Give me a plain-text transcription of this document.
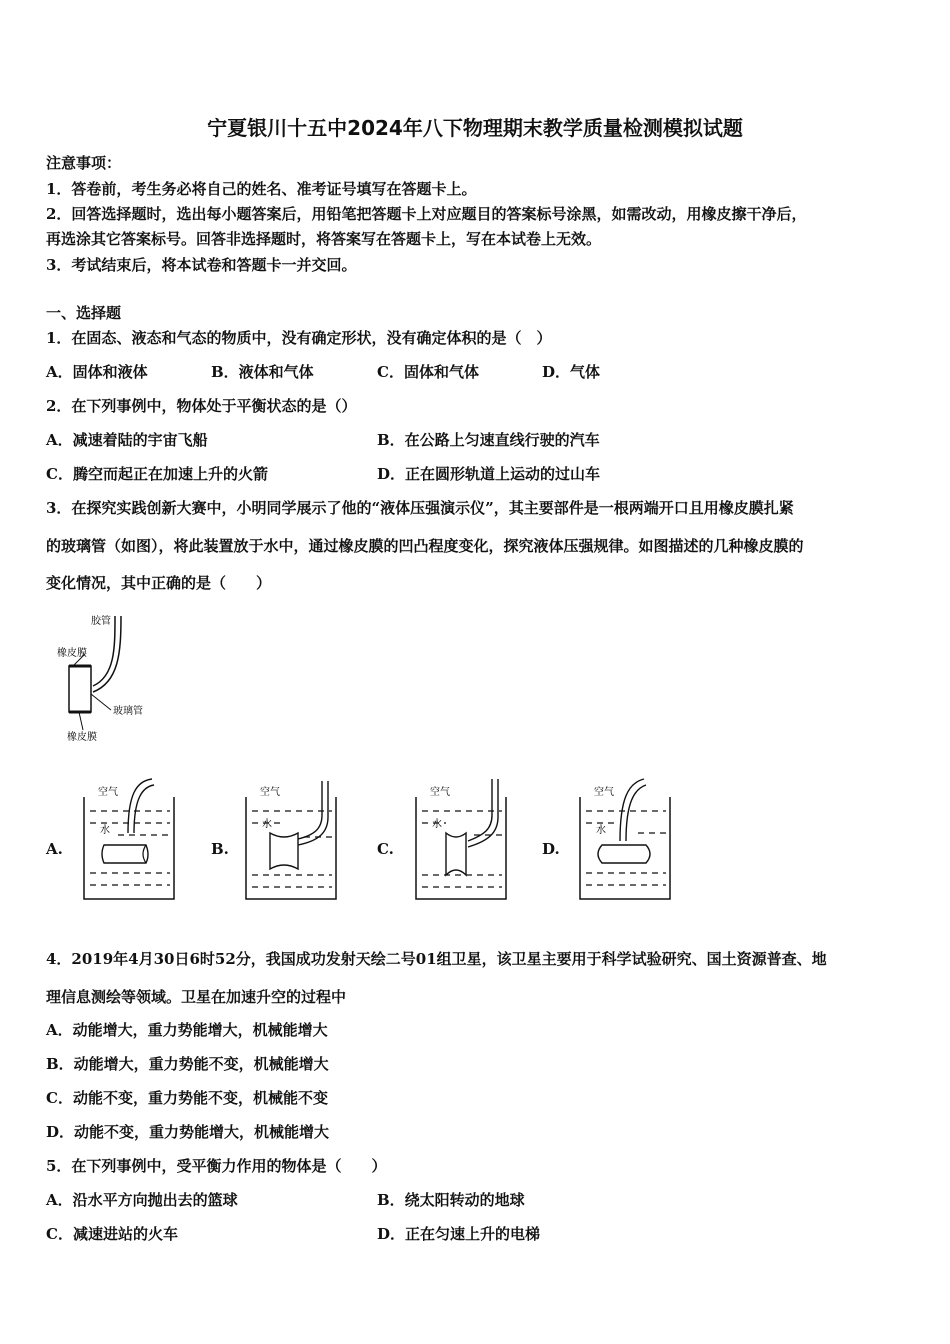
宁夏银川十五中2024年八下物理期末教学质量检测模拟试题
注意事项：
1．答卷前，考生务必将自己的姓名、准考证号填写在答题卡上。
2．回答选择题时，选出每小题答案后，用铅笔把答题卡上对应题目的答案标号涂黑，如需改动，用橡皮擦干净后，
再选涂其它答案标号。回答非选择题时，将答案写在答题卡上，写在本试卷上无效。
3．考试结束后，将本试卷和答题卡一并交回。
一、选择题
1．在固态、液态和气态的物质中，没有确定形状，没有确定体积的是（　）
A．固体和液体	B．液体和气体	C．固体和气体	D．气体
2．在下列事例中，物体处于平衡状态的是（）
A．减速着陆的宇宙飞船	B．在公路上匀速直线行驶的汽车
C．腾空而起正在加速上升的火箭	D．正在圆形轨道上运动的过山车
3．在探究实践创新大赛中，小明同学展示了他的“液体压强演示仪”，其主要部件是一根两端开口且用橡皮膜扎紧
的玻璃管（如图），将此装置放于水中，通过橡皮膜的凹凸程度变化，探究液体压强规律。如图描述的几种橡皮膜的
变化情况，其中正确的是（　　）
胶管
橡皮膜
玻璃管
橡皮膜
A.
空气
水
B.
空气
水
C.
空气
水
D.
空气
水
4．2019年4月30日6时52分，我国成功发射天绘二号01组卫星，该卫星主要用于科学试验研究、国土资源普查、地
理信息测绘等领域。卫星在加速升空的过程中
A．动能增大，重力势能增大，机械能增大
B．动能增大，重力势能不变，机械能增大
C．动能不变，重力势能不变，机械能不变
D．动能不变，重力势能增大，机械能增大
5．在下列事例中，受平衡力作用的物体是（　　）
A．沿水平方向抛出去的篮球	B．绕太阳转动的地球
C．减速进站的火车	D．正在匀速上升的电梯
